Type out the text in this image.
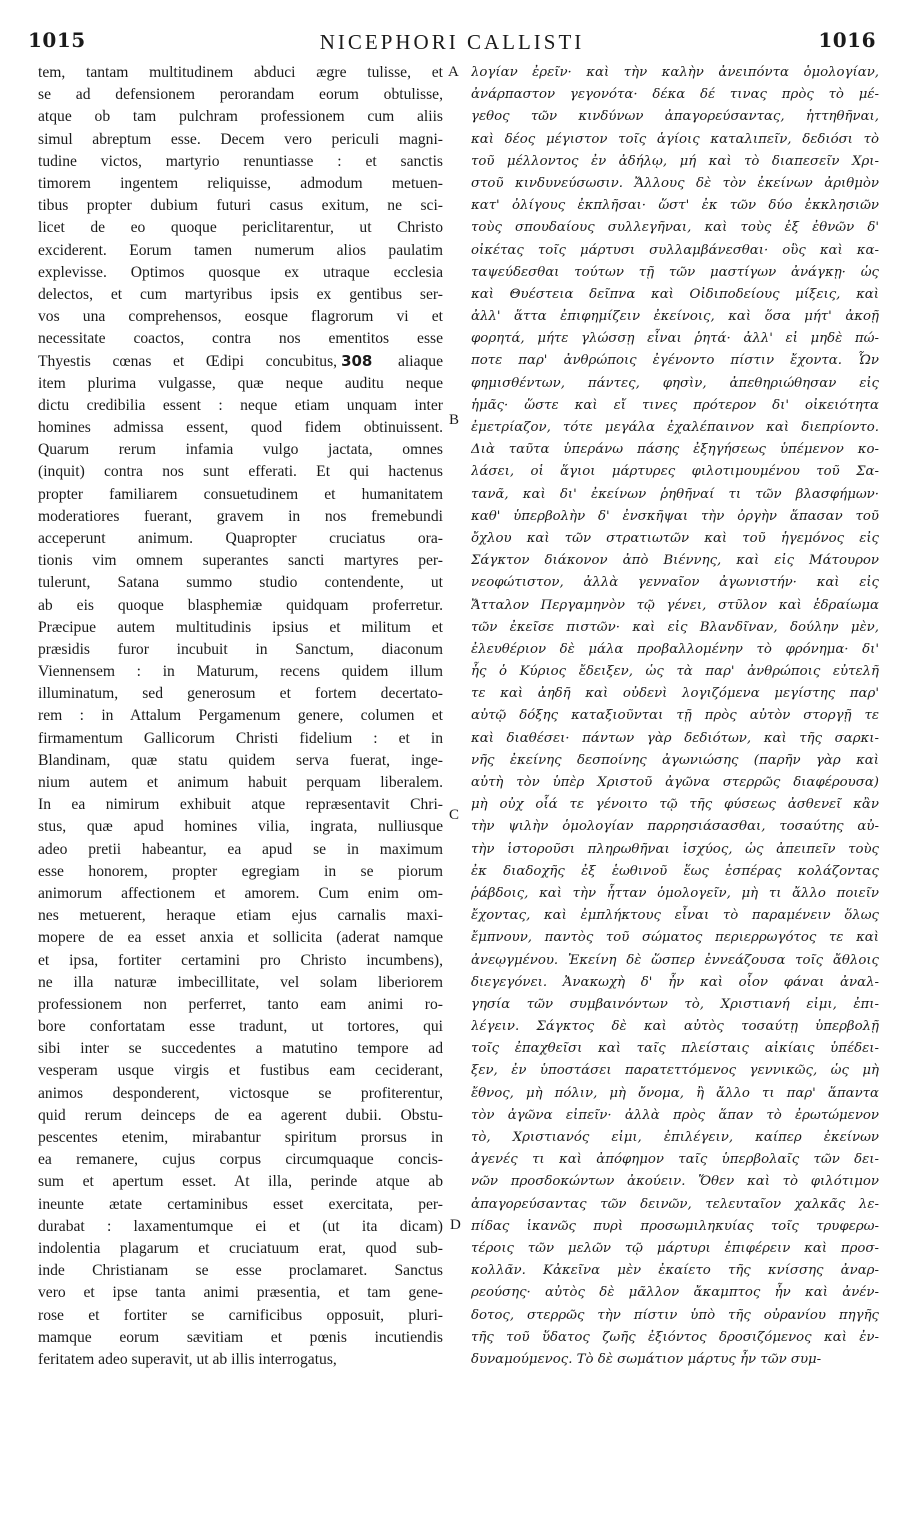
1015	NICEPHORI CALLISTI	1016
tem, tantam multitudinem abduci ægre tulisse, et
se ad defensionem perorandam eorum obtulisse,
atque ob tam pulchram professionem cum aliis
simul abreptum esse. Decem vero periculi magni-
tudine victos, martyrio renuntiasse : et sanctis
timorem ingentem reliquisse, admodum metuen-
tibus propter dubium futuri casus exitum, ne sci-
licet de eo quoque periclitarentur, ut Christo
exciderent. Eorum tamen numerum alios paulatim
explevisse. Optimos quosque ex utraque ecclesia
delectos, et cum martyribus ipsis ex gentibus ser-
vos una comprehensos, eosque flagrorum vi et
necessitate coactos, contra nos ementitos esse
Thyestis cœnas et Œdipi concubitus, 308 aliaque
item plurima vulgasse, quæ neque auditu neque
dictu credibilia essent : neque etiam unquam inter
homines admissa essent, quod fidem obtinuissent.
Quarum rerum infamia vulgo jactata, omnes
(inquit) contra nos sunt efferati. Et qui hactenus
propter familiarem consuetudinem et humanitatem
moderatiores fuerant, gravem in nos fremebundi
acceperunt animum. Quapropter cruciatus ora-
tionis vim omnem superantes sancti martyres per-
tulerunt, Satana summo studio contendente, ut
ab eis quoque blasphemiæ quidquam proferretur.
Præcipue autem multitudinis ipsius et militum et
præsidis furor incubuit in Sanctum, diaconum
Viennensem : in Maturum, recens quidem illum
illuminatum, sed generosum et fortem decertato-
rem : in Attalum Pergamenum genere, columen et
firmamentum Gallicorum Christi fidelium : et in
Blandinam, quæ statu quidem serva fuerat, inge-
nium autem et animum habuit perquam liberalem.
In ea nimirum exhibuit atque repræsentavit Chri-
stus, quæ apud homines vilia, ingrata, nulliusque
adeo pretii habeantur, ea apud se in maximum
esse honorem, propter egregiam in se piorum
animorum affectionem et amorem. Cum enim om-
nes metuerent, heraque etiam ejus carnalis maxi-
mopere de ea esset anxia et sollicita (aderat namque
et ipsa, fortiter certamini pro Christo incumbens),
ne illa naturæ imbecillitate, vel solam liberiorem
professionem non perferret, tanto eam animi ro-
bore confortatam esse tradunt, ut tortores, qui
sibi inter se succedentes a matutino tempore ad
vesperam usque virgis et fustibus eam ceciderant,
animos desponderent, victosque se profiterentur,
quid rerum deinceps de ea agerent dubii. Obstu-
pescentes etenim, mirabantur spiritum prorsus in
ea remanere, cujus corpus circumquaque concis-
sum et apertum esset. At illa, perinde atque ab
ineunte ætate certaminibus esset exercitata, per-
durabat : laxamentumque ei et (ut ita dicam)
indolentia plagarum et cruciatuum erat, quod sub-
inde Christianam se esse proclamaret. Sanctus
vero et ipse tanta animi præsentia, et tam gene-
rose et fortiter se carnificibus opposuit, pluri-
mamque eorum sævitiam et pœnis incutiendis
feritatem adeo superavit, ut ab illis interrogatus,
λογίαν ἐρεῖν· καὶ τὴν καλὴν ἀνειπόντα ὁμολογίαν,
ἀνάρπαστον γεγονότα· δέκα δέ τινας πρὸς τὸ μέ-
γεθος τῶν κινδύνων ἀπαγορεύσαντας, ἡττηθῆναι,
καὶ δέος μέγιστον τοῖς ἁγίοις καταλιπεῖν, δεδιόσι τὸ
τοῦ μέλλοντος ἐν ἀδήλῳ, μή καὶ τὸ διαπεσεῖν Χρι-
στοῦ κινδυνεύσωσιν. Ἄλλους δὲ τὸν ἐκείνων ἀριθμὸν
κατ' ὀλίγους ἐκπλῆσαι· ὥστ' ἐκ τῶν δύο ἐκκλησιῶν
τοὺς σπουδαίους συλλεγῆναι, καὶ τοὺς ἐξ ἐθνῶν δ'
οἰκέτας τοῖς μάρτυσι συλλαμβάνεσθαι· οὓς καὶ κα-
ταψεύδεσθαι τούτων τῇ τῶν μαστίγων ἀνάγκῃ· ὡς
καὶ Θυέστεια δεῖπνα καὶ Οἰδιποδείους μίξεις, καὶ
ἀλλ' ἅττα ἐπιφημίζειν ἐκείνοις, καὶ ὅσα μήτ' ἀκοῇ
φορητά, μήτε γλώσσῃ εἶναι ῥητά· ἀλλ' εἰ μηδὲ πώ-
ποτε παρ' ἀνθρώποις ἐγένοντο πίστιν ἔχοντα. Ὧν
φημισθέντων, πάντες, φησὶν, ἀπεθηριώθησαν εἰς
ἡμᾶς· ὥστε καὶ εἴ τινες πρότερον δι' οἰκειότητα
ἐμετρίαζον, τότε μεγάλα ἐχαλέπαινον καὶ διεπρίοντο.
Διὰ ταῦτα ὑπεράνω πάσης ἐξηγήσεως ὑπέμενον κο-
λάσει, οἱ ἅγιοι μάρτυρες φιλοτιμουμένου τοῦ Σα-
τανᾶ, καὶ δι' ἐκείνων ῥηθῆναί τι τῶν βλασφήμων·
καθ' ὑπερβολὴν δ' ἐνσκῆψαι τὴν ὀργὴν ἅπασαν τοῦ
ὄχλου καὶ τῶν στρατιωτῶν καὶ τοῦ ἡγεμόνος εἰς
Σάγκτον διάκονον ἀπὸ Βιέννης, καὶ εἰς Μάτουρον
νεοφώτιστον, ἀλλὰ γενναῖον ἀγωνιστήν· καὶ εἰς
Ἄτταλον Περγαμηνὸν τῷ γένει, στῦλον καὶ ἑδραίωμα
τῶν ἐκεῖσε πιστῶν· καὶ εἰς Βλανδῖναν, δούλην μὲν,
ἐλευθέριον δὲ μάλα προβαλλομένην τὸ φρόνημα· δι'
ἧς ὁ Κύριος ἔδειξεν, ὡς τὰ παρ' ἀνθρώποις εὐτελῆ
τε καὶ ἀηδῆ καὶ οὐδενὶ λογιζόμενα μεγίστης παρ'
αὐτῷ δόξης καταξιοῦνται τῇ πρὸς αὐτὸν στοργῇ τε
καὶ διαθέσει· πάντων γὰρ δεδιότων, καὶ τῆς σαρκι-
νῆς ἐκείνης δεσποίνης ἀγωνιώσης (παρῆν γὰρ καὶ
αὐτὴ τὸν ὑπὲρ Χριστοῦ ἀγῶνα στερρῶς διαφέρουσα)
μὴ οὐχ οἷά τε γένοιτο τῷ τῆς φύσεως ἀσθενεῖ κἂν
τὴν ψιλὴν ὁμολογίαν παρρησιάσασθαι, τοσαύτης αὐ-
τὴν ἱστοροῦσι πληρωθῆναι ἰσχύος, ὡς ἀπειπεῖν τοὺς
ἐκ διαδοχῆς ἐξ ἑωθινοῦ ἕως ἑσπέρας κολάζοντας
ῥάβδοις, καὶ τὴν ἧτταν ὁμολογεῖν, μὴ τι ἄλλο ποιεῖν
ἔχοντας, καὶ ἐμπλήκτους εἶναι τὸ παραμένειν ὅλως
ἔμπνουν, παντὸς τοῦ σώματος περιερρωγότος τε καὶ
ἀνεῳγμένου. Ἐκείνη δὲ ὥσπερ ἐννεάζουσα τοῖς ἄθλοις
διεγεγόνει. Ἀνακωχὴ δ' ἦν καὶ οἷον φάναι ἀναλ-
γησία τῶν συμβαινόντων τὸ, Χριστιανή εἰμι, ἐπι-
λέγειν. Σάγκτος δὲ καὶ αὐτὸς τοσαύτῃ ὑπερβολῇ
τοῖς ἐπαχθεῖσι καὶ ταῖς πλείσταις αἰκίαις ὑπέδει-
ξεν, ἐν ὑποστάσει παρατεττόμενος γεννικῶς, ὡς μὴ
ἔθνος, μὴ πόλιν, μὴ ὄνομα, ἢ ἄλλο τι παρ' ἅπαντα
τὸν ἀγῶνα εἰπεῖν· ἀλλὰ πρὸς ἅπαν τὸ ἐρωτώμενον
τὸ, Χριστιανός εἰμι, ἐπιλέγειν, καίπερ ἐκείνων
ἀγενές τι καὶ ἀπόφημον ταῖς ὑπερβολαῖς τῶν δει-
νῶν προσδοκώντων ἀκούειν. Ὅθεν καὶ τὸ φιλότιμον
ἀπαγορεύσαντας τῶν δεινῶν, τελευταῖον χαλκᾶς λε-
πίδας ἱκανῶς πυρὶ προσωμιληκυίας τοῖς τρυφερω-
τέροις τῶν μελῶν τῷ μάρτυρι ἐπιφέρειν καὶ προσ-
κολλᾶν. Κἀκεῖνα μὲν ἐκαίετο τῆς κνίσσης ἀναρ-
ρεούσης· αὐτὸς δὲ μᾶλλον ἄκαμπτος ἦν καὶ ἀνέν-
δοτος, στερρῶς τὴν πίστιν ὑπὸ τῆς οὐρανίου πηγῆς
τῆς τοῦ ὕδατος ζωῆς ἐξιόντος δροσιζόμενος καὶ ἐν-
δυναμούμενος. Τὸ δὲ σωμάτιον μάρτυς ἦν τῶν συμ-
A
B
C
D
